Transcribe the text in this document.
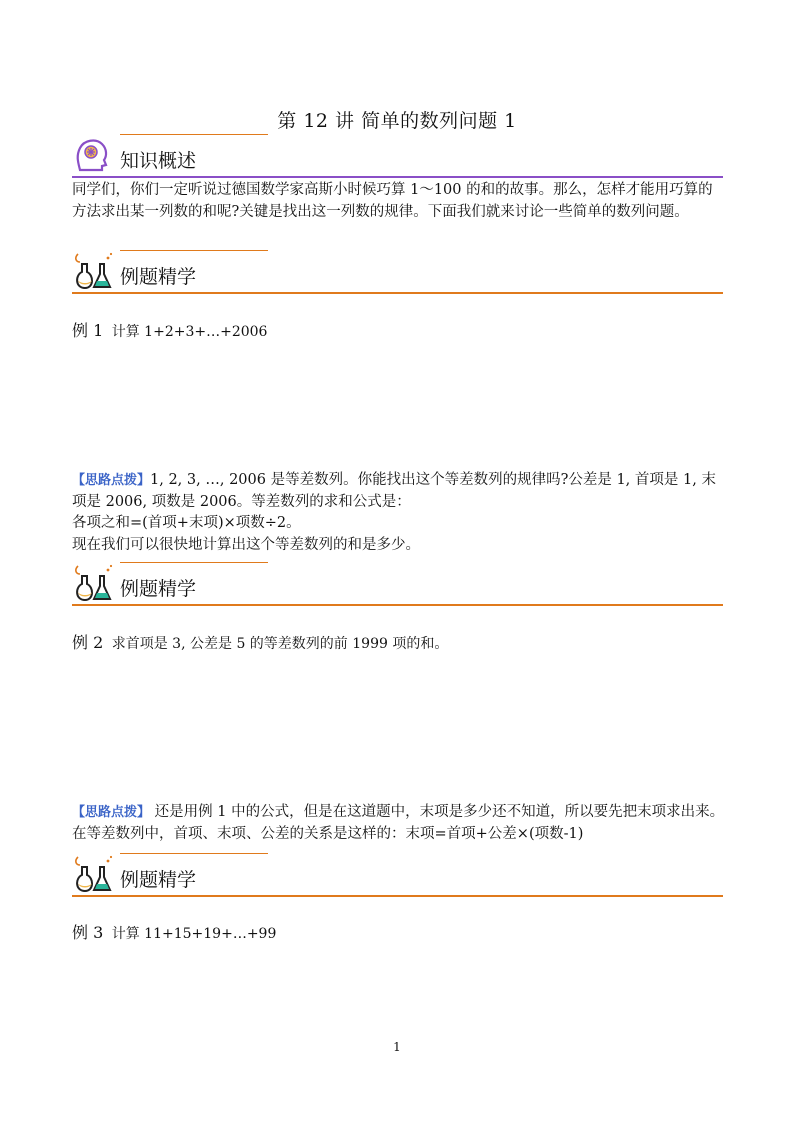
第 12 讲 简单的数列问题 1
知识概述
同学们，你们一定听说过德国数学家高斯小时候巧算 1～100 的和的故事。那么，怎样才能用巧算的方法求出某一列数的和呢?关键是找出这一列数的规律。下面我们就来讨论一些简单的数列问题。
例题精学
例 1 计算 1+2+3+…+2006
【思路点拨】1, 2, 3, …, 2006 是等差数列。你能找出这个等差数列的规律吗?公差是 1, 首项是 1, 末项是 2006, 项数是 2006。等差数列的求和公式是：
各项之和=(首项+末项)×项数÷2。
现在我们可以很快地计算出这个等差数列的和是多少。
例题精学
例 2 求首项是 3, 公差是 5 的等差数列的前 1999 项的和。
【思路点拨】 还是用例 1 中的公式，但是在这道题中，末项是多少还不知道，所以要先把末项求出来。在等差数列中，首项、末项、公差的关系是这样的：末项=首项+公差×(项数-1)
例题精学
例 3 计算 11+15+19+…+99
1
